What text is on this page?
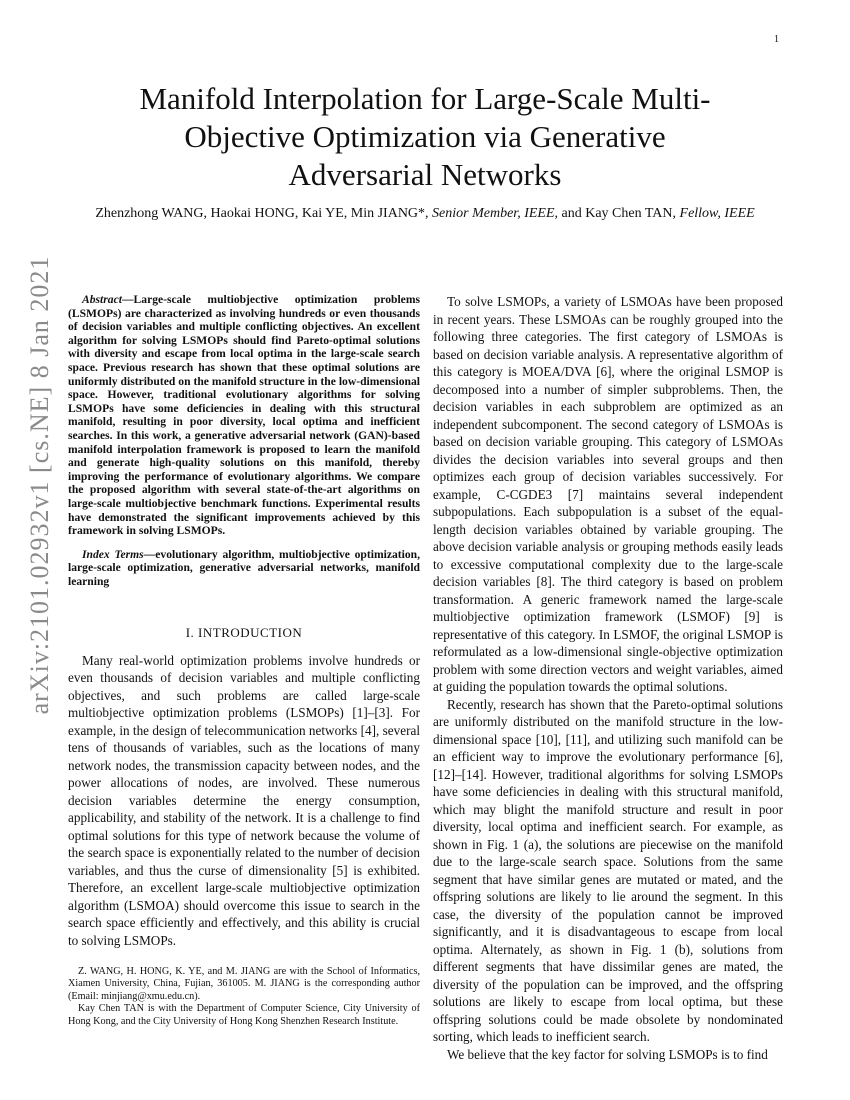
1
arXiv:2101.02932v1 [cs.NE] 8 Jan 2021
Manifold Interpolation for Large-Scale Multi-Objective Optimization via Generative Adversarial Networks
Zhenzhong WANG, Haokai HONG, Kai YE, Min JIANG*, Senior Member, IEEE, and Kay Chen TAN, Fellow, IEEE

Abstract—Large-scale multiobjective optimization problems (LSMOPs) are characterized as involving hundreds or even thousands of decision variables and multiple conflicting objectives. An excellent algorithm for solving LSMOPs should find Pareto-optimal solutions with diversity and escape from local optima in the large-scale search space. Previous research has shown that these optimal solutions are uniformly distributed on the manifold structure in the low-dimensional space. However, traditional evolutionary algorithms for solving LSMOPs have some deficiencies in dealing with this structural manifold, resulting in poor diversity, local optima and inefficient searches. In this work, a generative adversarial network (GAN)-based manifold interpolation framework is proposed to learn the manifold and generate high-quality solutions on this manifold, thereby improving the performance of evolutionary algorithms. We compare the proposed algorithm with several state-of-the-art algorithms on large-scale multiobjective benchmark functions. Experimental results have demonstrated the significant improvements achieved by this framework in solving LSMOPs.

Index Terms—evolutionary algorithm, multiobjective optimization, large-scale optimization, generative adversarial networks, manifold learning

I. INTRODUCTION

Many real-world optimization problems involve hundreds or even thousands of decision variables and multiple conflicting objectives, and such problems are called large-scale multiobjective optimization problems (LSMOPs) [1]–[3]. For example, in the design of telecommunication networks [4], several tens of thousands of variables, such as the locations of many network nodes, the transmission capacity between nodes, and the power allocations of nodes, are involved. These numerous decision variables determine the energy consumption, applicability, and stability of the network. It is a challenge to find optimal solutions for this type of network because the volume of the search space is exponentially related to the number of decision variables, and thus the curse of dimensionality [5] is exhibited. Therefore, an excellent large-scale multiobjective optimization algorithm (LSMOA) should overcome this issue to search in the search space efficiently and effectively, and this ability is crucial to solving LSMOPs.

Z. WANG, H. HONG, K. YE, and M. JIANG are with the School of Informatics, Xiamen University, China, Fujian, 361005. M. JIANG is the corresponding author (Email: minjiang@xmu.edu.cn).

Kay Chen TAN is with the Department of Computer Science, City University of Hong Kong, and the City University of Hong Kong Shenzhen Research Institute.

To solve LSMOPs, a variety of LSMOAs have been proposed in recent years. These LSMOAs can be roughly grouped into the following three categories. The first category of LSMOAs is based on decision variable analysis. A representative algorithm of this category is MOEA/DVA [6], where the original LSMOP is decomposed into a number of simpler subproblems. Then, the decision variables in each subproblem are optimized as an independent subcomponent. The second category of LSMOAs is based on decision variable grouping. This category of LSMOAs divides the decision variables into several groups and then optimizes each group of decision variables successively. For example, C-CGDE3 [7] maintains several independent subpopulations. Each subpopulation is a subset of the equal-length decision variables obtained by variable grouping. The above decision variable analysis or grouping methods easily leads to excessive computational complexity due to the large-scale decision variables [8]. The third category is based on problem transformation. A generic framework named the large-scale multiobjective optimization framework (LSMOF) [9] is representative of this category. In LSMOF, the original LSMOP is reformulated as a low-dimensional single-objective optimization problem with some direction vectors and weight variables, aimed at guiding the population towards the optimal solutions.

Recently, research has shown that the Pareto-optimal solutions are uniformly distributed on the manifold structure in the low-dimensional space [10], [11], and utilizing such manifold can be an efficient way to improve the evolutionary performance [6], [12]–[14]. However, traditional algorithms for solving LSMOPs have some deficiencies in dealing with this structural manifold, which may blight the manifold structure and result in poor diversity, local optima and inefficient search. For example, as shown in Fig. 1 (a), the solutions are piecewise on the manifold due to the large-scale search space. Solutions from the same segment that have similar genes are mutated or mated, and the offspring solutions are likely to lie around the segment. In this case, the diversity of the population cannot be improved significantly, and it is disadvantageous to escape from local optima. Alternately, as shown in Fig. 1 (b), solutions from different segments that have dissimilar genes are mated, the diversity of the population can be improved, and the offspring solutions are likely to escape from local optima, but these offspring solutions could be made obsolete by nondominated sorting, which leads to inefficient search.

We believe that the key factor for solving LSMOPs is to find
